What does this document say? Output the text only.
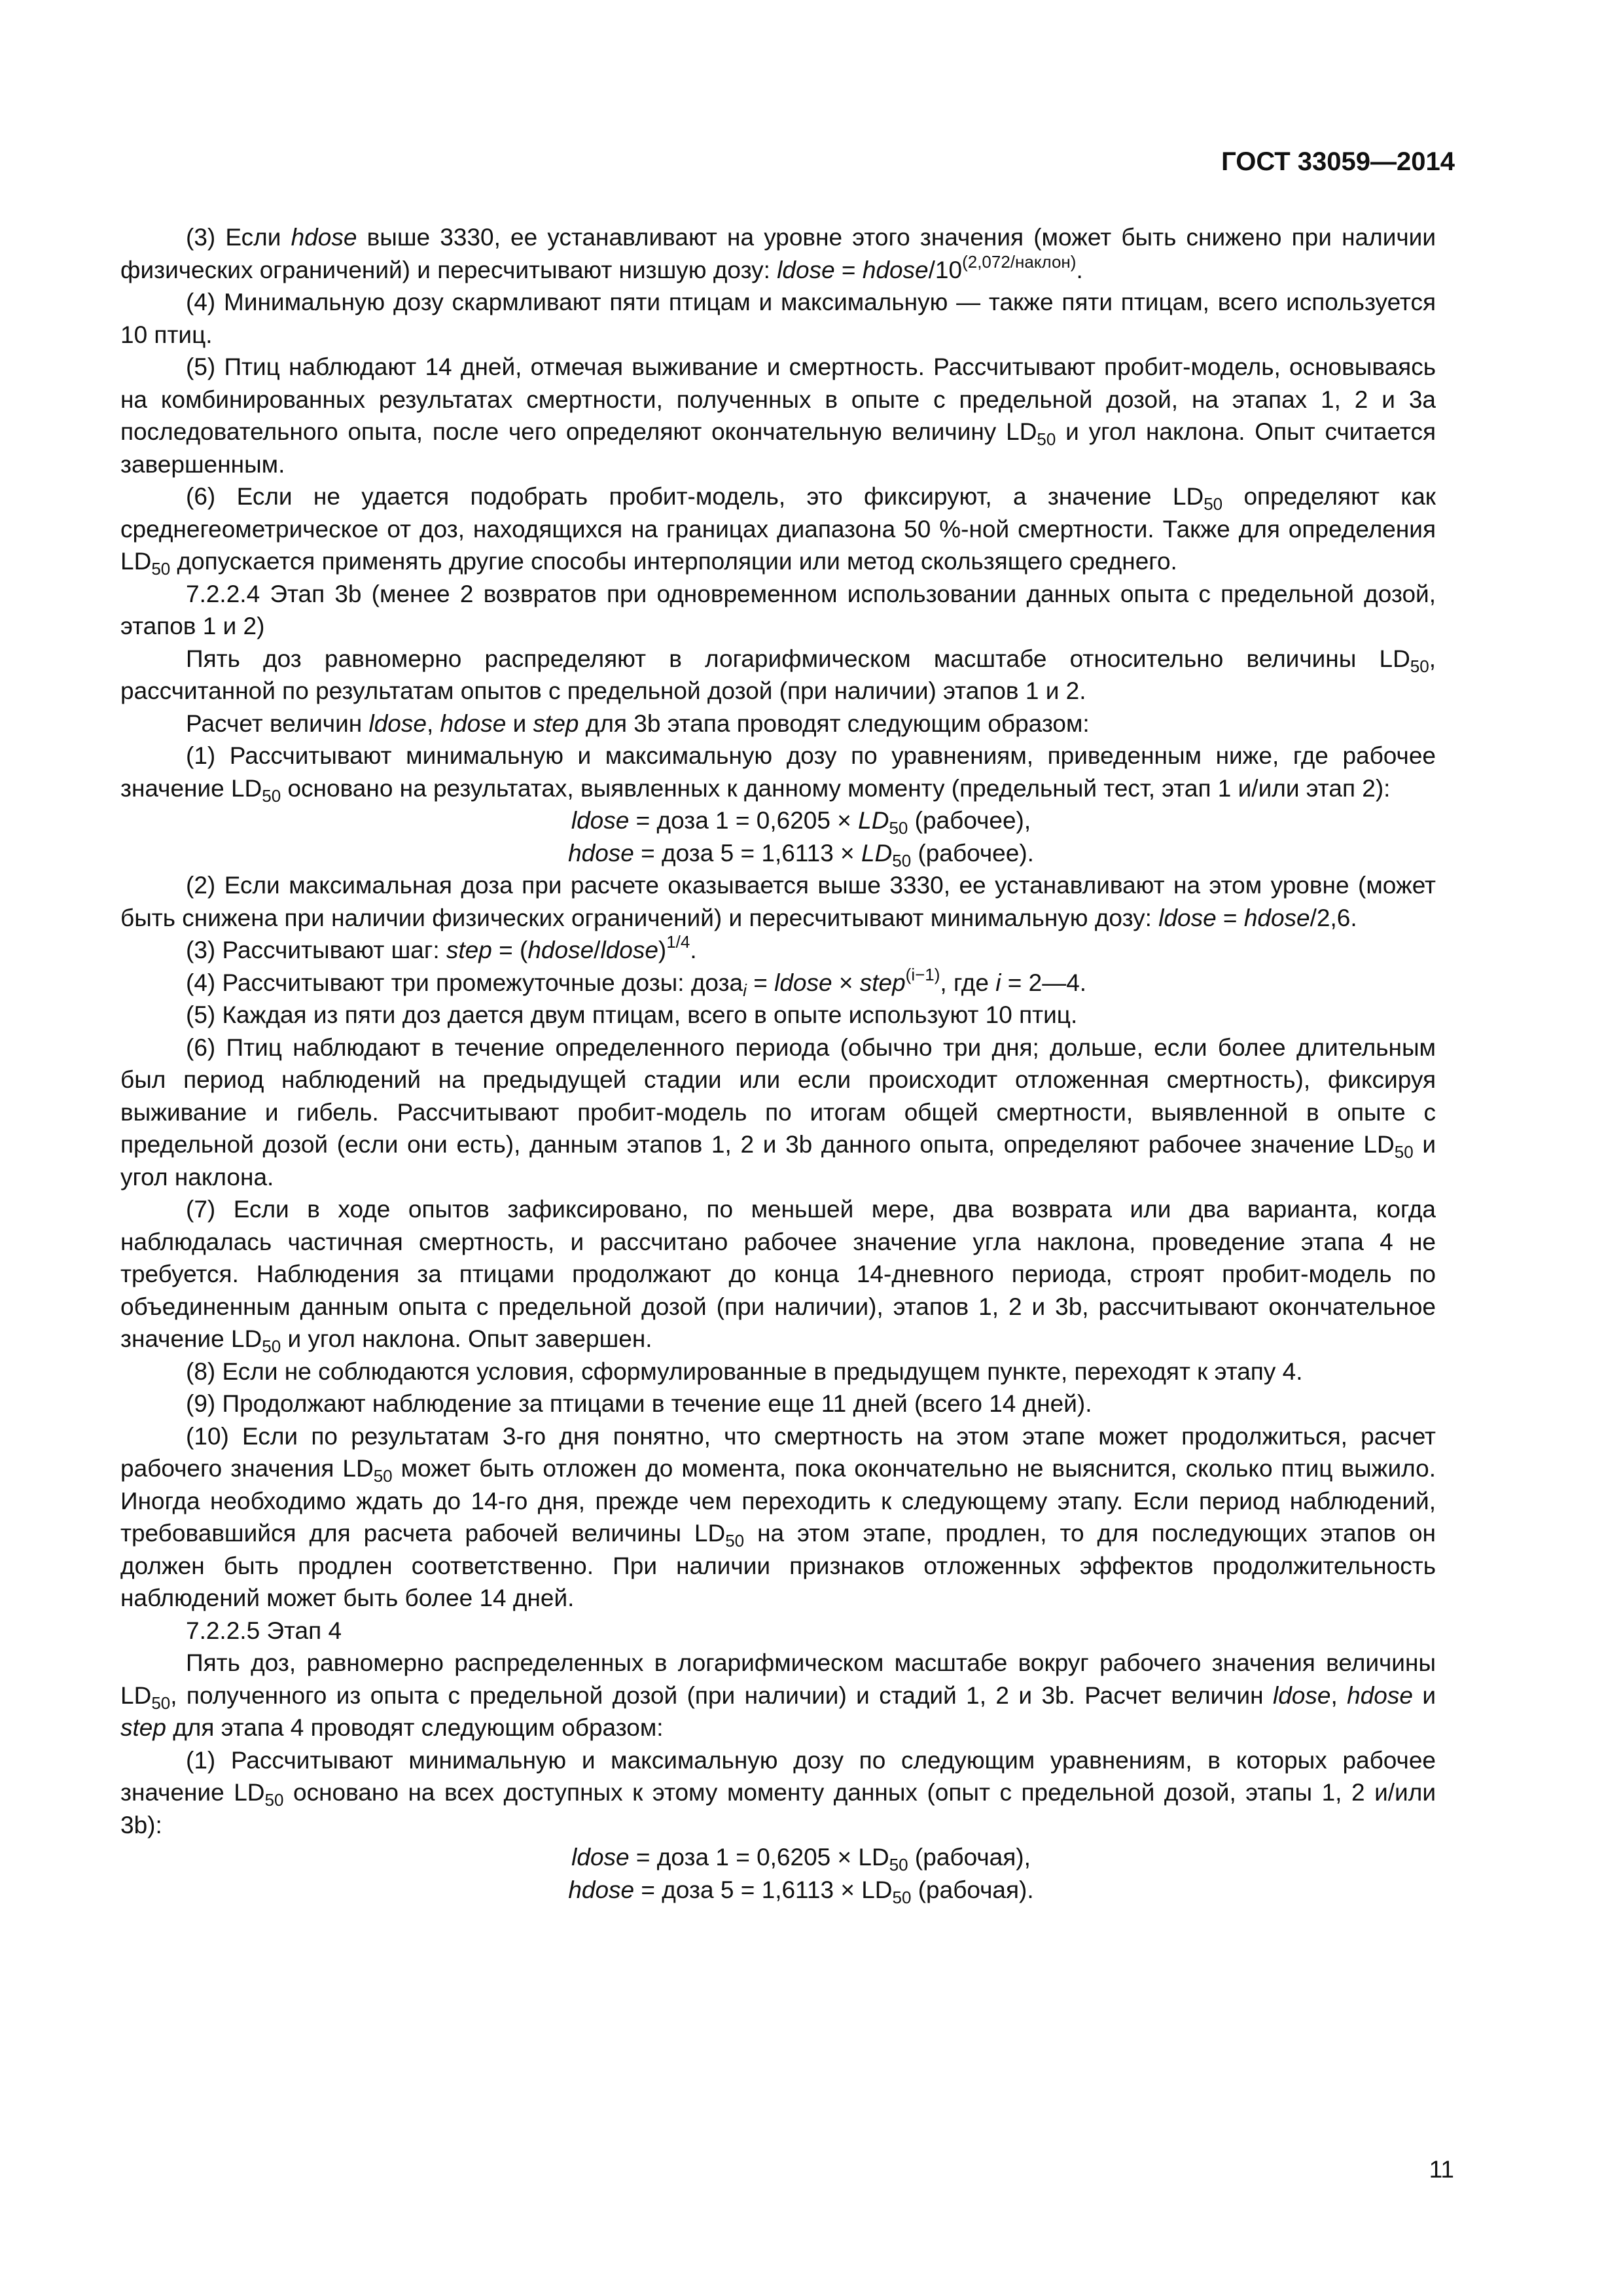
ГОСТ 33059—2014

(3) Если hdose выше 3330, ее устанавливают на уровне этого значения (может быть снижено при наличии физических ограничений) и пересчитывают низшую дозу: ldose = hdose/$10^{(2,072/наклон)}$.

(4) Минимальную дозу скармливают пяти птицам и максимальную — также пяти птицам, всего используется 10 птиц.

(5) Птиц наблюдают 14 дней, отмечая выживание и смертность. Рассчитывают пробит-модель, основываясь на комбинированных результатах смертности, полученных в опыте с предельной дозой, на этапах 1, 2 и 3а последовательного опыта, после чего определяют окончательную величину $LD_{50}$ и угол наклона. Опыт считается завершенным.

(6) Если не удается подобрать пробит-модель, это фиксируют, а значение $LD_{50}$ определяют как среднегеометрическое от доз, находящихся на границах диапазона 50 %-ной смертности. Также для определения $LD_{50}$ допускается применять другие способы интерполяции или метод скользящего среднего.

7.2.2.4 Этап 3b (менее 2 возвратов при одновременном использовании данных опыта с предельной дозой, этапов 1 и 2)

Пять доз равномерно распределяют в логарифмическом масштабе относительно величины $LD_{50}$, рассчитанной по результатам опытов с предельной дозой (при наличии) этапов 1 и 2.

Расчет величин ldose, hdose и step для 3b этапа проводят следующим образом:

(1) Рассчитывают минимальную и максимальную дозу по уравнениям, приведенным ниже, где рабочее значение $LD_{50}$ основано на результатах, выявленных к данному моменту (предельный тест, этап 1 и/или этап 2):

ldose = доза $1 = 0,6205 \times LD_{50}$ (рабочее),

hdose = доза $5 = 1,6113 \times LD_{50}$ (рабочее).

(2) Если максимальная доза при расчете оказывается выше 3330, ее устанавливают на этом уровне (может быть снижена при наличии физических ограничений) и пересчитывают минимальную дозу: ldose = hdose/2,6.

(3) Рассчитывают шаг: step = (hdose/ldose)$^{1/4}$.

(4) Рассчитывают три промежуточные дозы: доза$_i$ = ldose × step$^{(i-1)}$, где i = 2—4.

(5) Каждая из пяти доз дается двум птицам, всего в опыте используют 10 птиц.

(6) Птиц наблюдают в течение определенного периода (обычно три дня; дольше, если более длительным был период наблюдений на предыдущей стадии или если происходит отложенная смертность), фиксируя выживание и гибель. Рассчитывают пробит-модель по итогам общей смертности, выявленной в опыте с предельной дозой (если они есть), данным этапов 1, 2 и 3b данного опыта, определяют рабочее значение $LD_{50}$ и угол наклона.

(7) Если в ходе опытов зафиксировано, по меньшей мере, два возврата или два варианта, когда наблюдалась частичная смертность, и рассчитано рабочее значение угла наклона, проведение этапа 4 не требуется. Наблюдения за птицами продолжают до конца 14-дневного периода, строят пробит-модель по объединенным данным опыта с предельной дозой (при наличии), этапов 1, 2 и 3b, рассчитывают окончательное значение $LD_{50}$ и угол наклона. Опыт завершен.

(8) Если не соблюдаются условия, сформулированные в предыдущем пункте, переходят к этапу 4.

(9) Продолжают наблюдение за птицами в течение еще 11 дней (всего 14 дней).

(10) Если по результатам 3-го дня понятно, что смертность на этом этапе может продолжиться, расчет рабочего значения $LD_{50}$ может быть отложен до момента, пока окончательно не выяснится, сколько птиц выжило. Иногда необходимо ждать до 14-го дня, прежде чем переходить к следующему этапу. Если период наблюдений, требовавшийся для расчета рабочей величины $LD_{50}$ на этом этапе, продлен, то для последующих этапов он должен быть продлен соответственно. При наличии признаков отложенных эффектов продолжительность наблюдений может быть более 14 дней.

7.2.2.5 Этап 4

Пять доз, равномерно распределенных в логарифмическом масштабе вокруг рабочего значения величины $LD_{50}$, полученного из опыта с предельной дозой (при наличии) и стадий 1, 2 и 3b. Расчет величин ldose, hdose и step для этапа 4 проводят следующим образом:

(1) Рассчитывают минимальную и максимальную дозу по следующим уравнениям, в которых рабочее значение $LD_{50}$ основано на всех доступных к этому моменту данных (опыт с предельной дозой, этапы 1, 2 и/или 3b):

ldose = доза $1 = 0,6205 \times LD_{50}$ (рабочая),

hdose = доза $5 = 1,6113 \times LD_{50}$ (рабочая).

11
